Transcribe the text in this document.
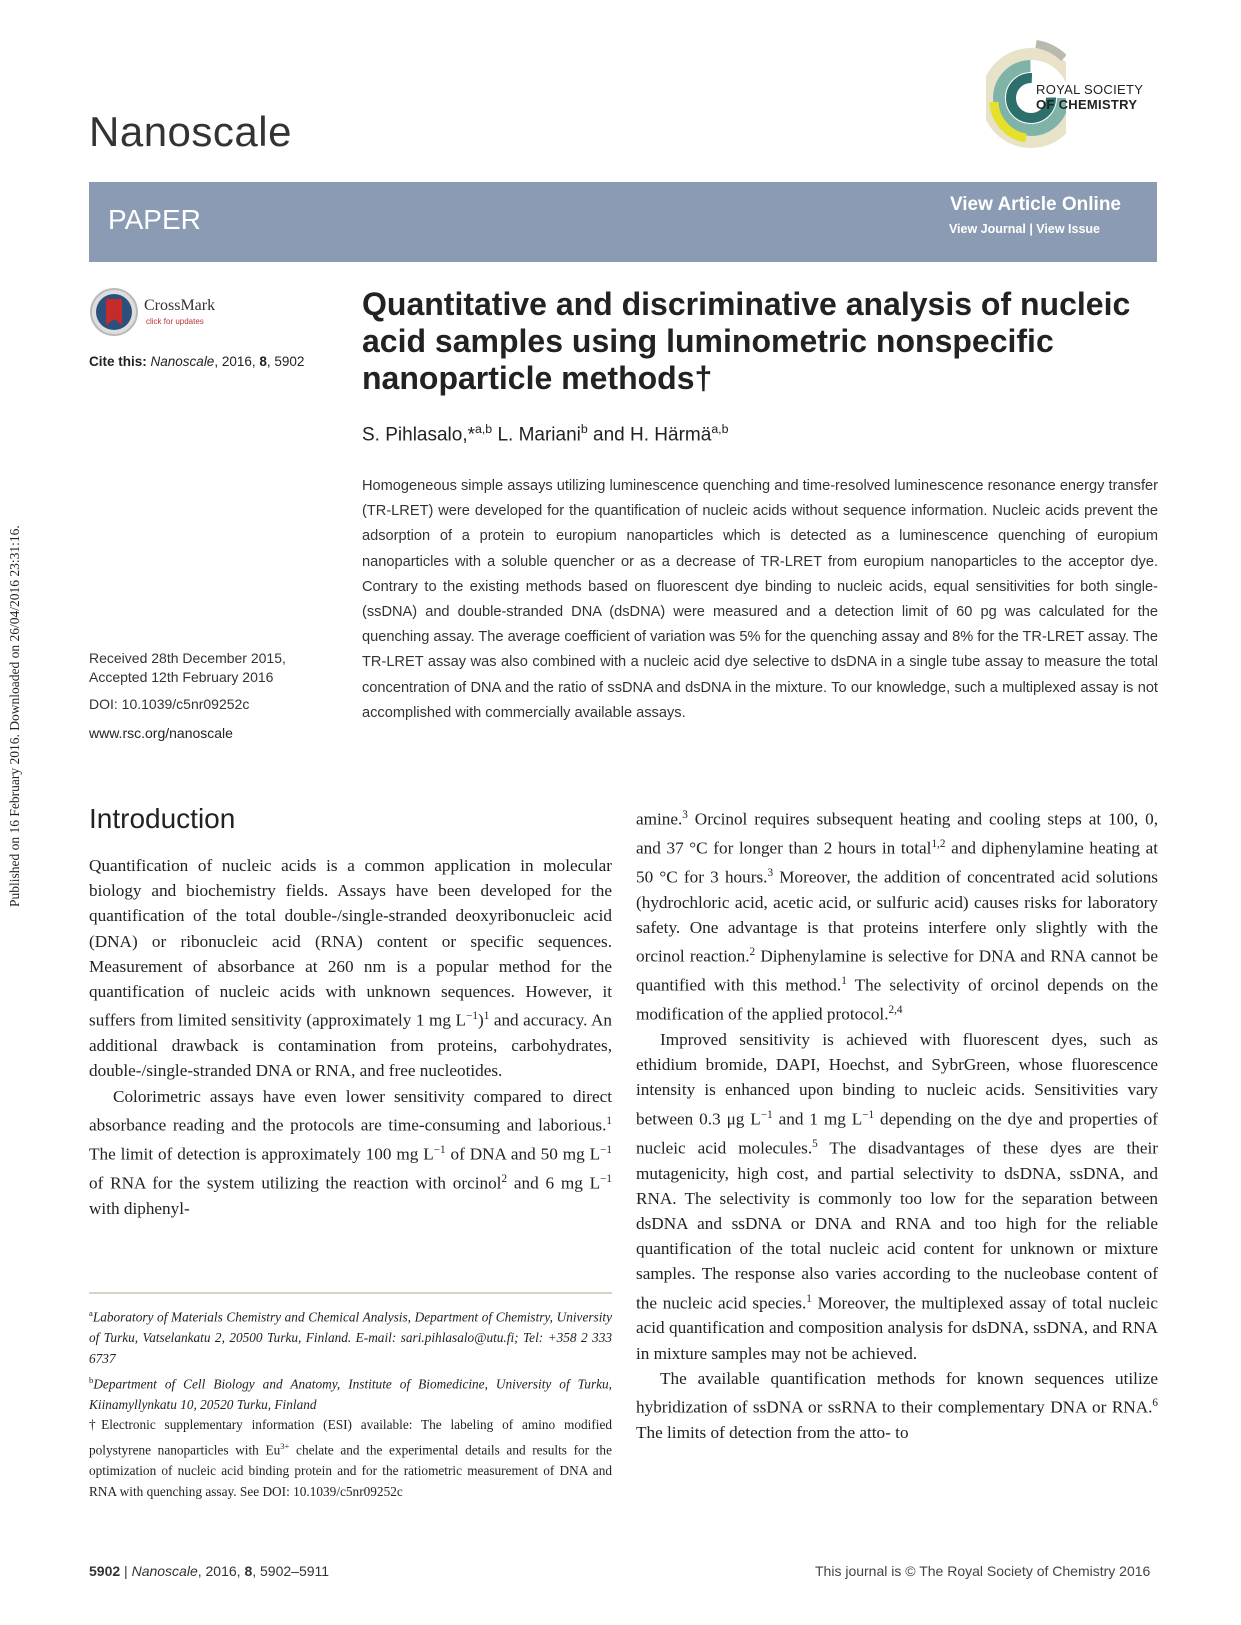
Published on 16 February 2016. Downloaded on 26/04/2016 23:31:16.
Nanoscale
ROYAL SOCIETY
OF CHEMISTRY
PAPER	View Article Online
View Journal | View Issue
CrossMark
click for updates
Cite this: Nanoscale, 2016, 8, 5902
Quantitative and discriminative analysis of nucleic acid samples using luminometric nonspecific nanoparticle methods†
S. Pihlasalo,*$^{a,b}$ L. Mariani$^b$ and H. Härmä$^{a,b}$
Homogeneous simple assays utilizing luminescence quenching and time-resolved luminescence resonance energy transfer (TR-LRET) were developed for the quantification of nucleic acids without sequence information. Nucleic acids prevent the adsorption of a protein to europium nanoparticles which is detected as a luminescence quenching of europium nanoparticles with a soluble quencher or as a decrease of TR-LRET from europium nanoparticles to the acceptor dye. Contrary to the existing methods based on fluorescent dye binding to nucleic acids, equal sensitivities for both single- (ssDNA) and double-stranded DNA (dsDNA) were measured and a detection limit of 60 pg was calculated for the quenching assay. The average coefficient of variation was 5% for the quenching assay and 8% for the TR-LRET assay. The TR-LRET assay was also combined with a nucleic acid dye selective to dsDNA in a single tube assay to measure the total concentration of DNA and the ratio of ssDNA and dsDNA in the mixture. To our knowledge, such a multiplexed assay is not accomplished with commercially available assays.
Received 28th December 2015,
Accepted 12th February 2016
DOI: 10.1039/c5nr09252c
www.rsc.org/nanoscale
Introduction

Quantification of nucleic acids is a common application in molecular biology and biochemistry fields. Assays have been developed for the quantification of the total double-/single-stranded deoxyribonucleic acid (DNA) or ribonucleic acid (RNA) content or specific sequences. Measurement of absorbance at 260 nm is a popular method for the quantification of nucleic acids with unknown sequences. However, it suffers from limited sensitivity (approximately 1 mg $L^{-1})^1$ and accuracy. An additional drawback is contamination from proteins, carbohydrates, double-/single-stranded DNA or RNA, and free nucleotides.

Colorimetric assays have even lower sensitivity compared to direct absorbance reading and the protocols are time-consuming and laborious.$^1$ The limit of detection is approximately 100 mg $L^{-1}$ of DNA and 50 mg $L^{-1}$ of RNA for the system utilizing the reaction with orcinol$^2$ and 6 mg $L^{-1}$ with diphenyl-

amine.$^3$ Orcinol requires subsequent heating and cooling steps at 100, 0, and 37 °C for longer than 2 hours in total$^{1,2}$ and diphenylamine heating at 50 °C for 3 hours.$^3$ Moreover, the addition of concentrated acid solutions (hydrochloric acid, acetic acid, or sulfuric acid) causes risks for laboratory safety. One advantage is that proteins interfere only slightly with the orcinol reaction.$^2$ Diphenylamine is selective for DNA and RNA cannot be quantified with this method.$^1$ The selectivity of orcinol depends on the modification of the applied protocol.$^{2,4}$

Improved sensitivity is achieved with fluorescent dyes, such as ethidium bromide, DAPI, Hoechst, and SybrGreen, whose fluorescence intensity is enhanced upon binding to nucleic acids. Sensitivities vary between 0.3 μg $L^{-1}$ and 1 mg $L^{-1}$ depending on the dye and properties of nucleic acid molecules.$^5$ The disadvantages of these dyes are their mutagenicity, high cost, and partial selectivity to dsDNA, ssDNA, and RNA. The selectivity is commonly too low for the separation between dsDNA and ssDNA or DNA and RNA and too high for the reliable quantification of the total nucleic acid content for unknown or mixture samples. The response also varies according to the nucleobase content of the nucleic acid species.$^1$ Moreover, the multiplexed assay of total nucleic acid quantification and composition analysis for dsDNA, ssDNA, and RNA in mixture samples may not be achieved.

The available quantification methods for known sequences utilize hybridization of ssDNA or ssRNA to their complementary DNA or RNA.$^6$ The limits of detection from the atto- to

$^a$Laboratory of Materials Chemistry and Chemical Analysis, Department of Chemistry, University of Turku, Vatselankatu 2, 20500 Turku, Finland. E-mail: sari.pihlasalo@utu.fi; Tel: +358 2 333 6737

$^b$Department of Cell Biology and Anatomy, Institute of Biomedicine, University of Turku, Kiinamyllynkatu 10, 20520 Turku, Finland

†Electronic supplementary information (ESI) available: The labeling of amino modified polystyrene nanoparticles with $Eu^{3+}$ chelate and the experimental details and results for the optimization of nucleic acid binding protein and for the ratiometric measurement of DNA and RNA with quenching assay. See DOI: 10.1039/c5nr09252c

5902 | Nanoscale, 2016, 8, 5902–5911	This journal is © The Royal Society of Chemistry 2016
